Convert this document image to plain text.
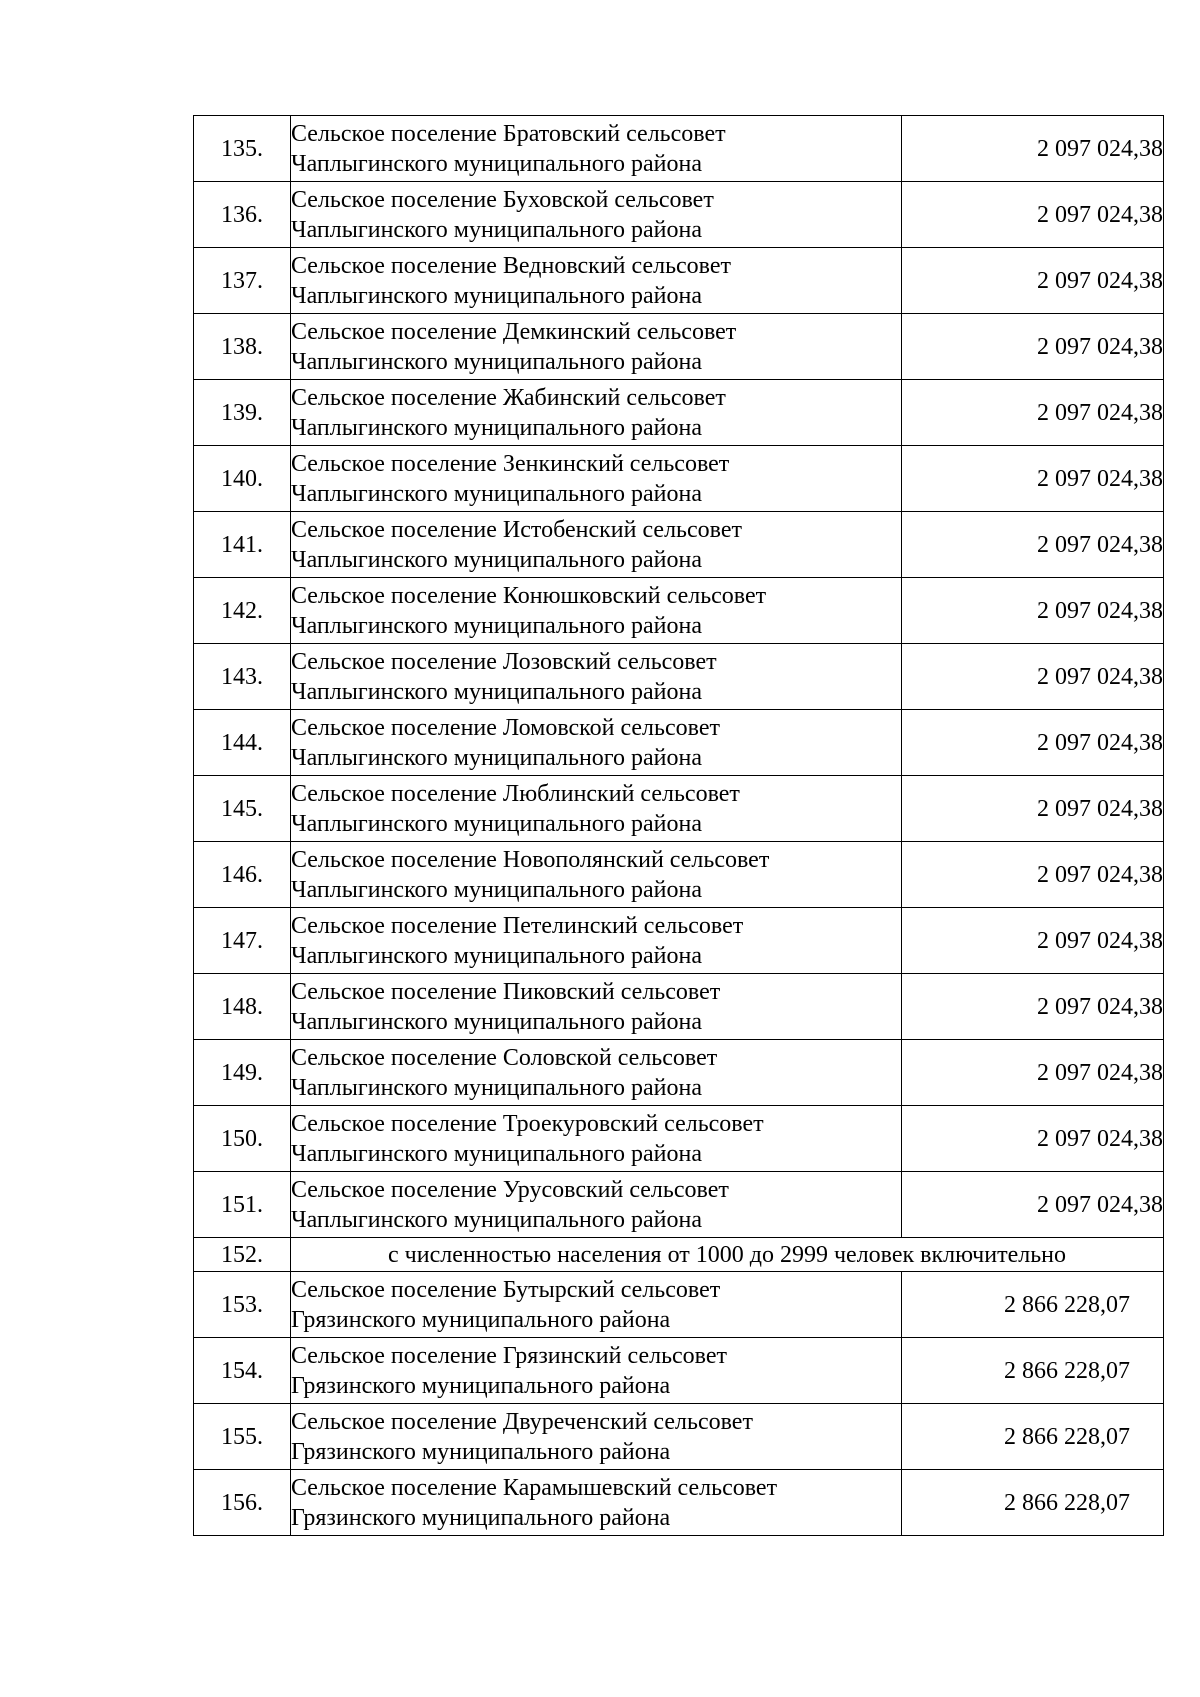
135.	Сельское поселение Братовский сельсовет
Чаплыгинского муниципального района	2 097 024,38
136.	Сельское поселение Буховской сельсовет
Чаплыгинского муниципального района	2 097 024,38
137.	Сельское поселение Ведновский сельсовет
Чаплыгинского муниципального района	2 097 024,38
138.	Сельское поселение Демкинский сельсовет
Чаплыгинского муниципального района	2 097 024,38
139.	Сельское поселение Жабинский сельсовет
Чаплыгинского муниципального района	2 097 024,38
140.	Сельское поселение Зенкинский сельсовет
Чаплыгинского муниципального района	2 097 024,38
141.	Сельское поселение Истобенский сельсовет
Чаплыгинского муниципального района	2 097 024,38
142.	Сельское поселение Конюшковский сельсовет
Чаплыгинского муниципального района	2 097 024,38
143.	Сельское поселение Лозовский сельсовет
Чаплыгинского муниципального района	2 097 024,38
144.	Сельское поселение Ломовской сельсовет
Чаплыгинского муниципального района	2 097 024,38
145.	Сельское поселение Люблинский сельсовет
Чаплыгинского муниципального района	2 097 024,38
146.	Сельское поселение Новополянский сельсовет
Чаплыгинского муниципального района	2 097 024,38
147.	Сельское поселение Петелинский сельсовет
Чаплыгинского муниципального района	2 097 024,38
148.	Сельское поселение Пиковский сельсовет
Чаплыгинского муниципального района	2 097 024,38
149.	Сельское поселение Соловской сельсовет
Чаплыгинского муниципального района	2 097 024,38
150.	Сельское поселение Троекуровский сельсовет
Чаплыгинского муниципального района	2 097 024,38
151.	Сельское поселение Урусовский сельсовет
Чаплыгинского муниципального района	2 097 024,38
152.	с численностью населения от 1000 до 2999 человек включительно	
153.	Сельское поселение Бутырский сельсовет
Грязинского муниципального района	2 866 228,07
154.	Сельское поселение Грязинский сельсовет
Грязинского муниципального района	2 866 228,07
155.	Сельское поселение Двуреченский сельсовет
Грязинского муниципального района	2 866 228,07
156.	Сельское поселение Карамышевский сельсовет
Грязинского муниципального района	2 866 228,07
